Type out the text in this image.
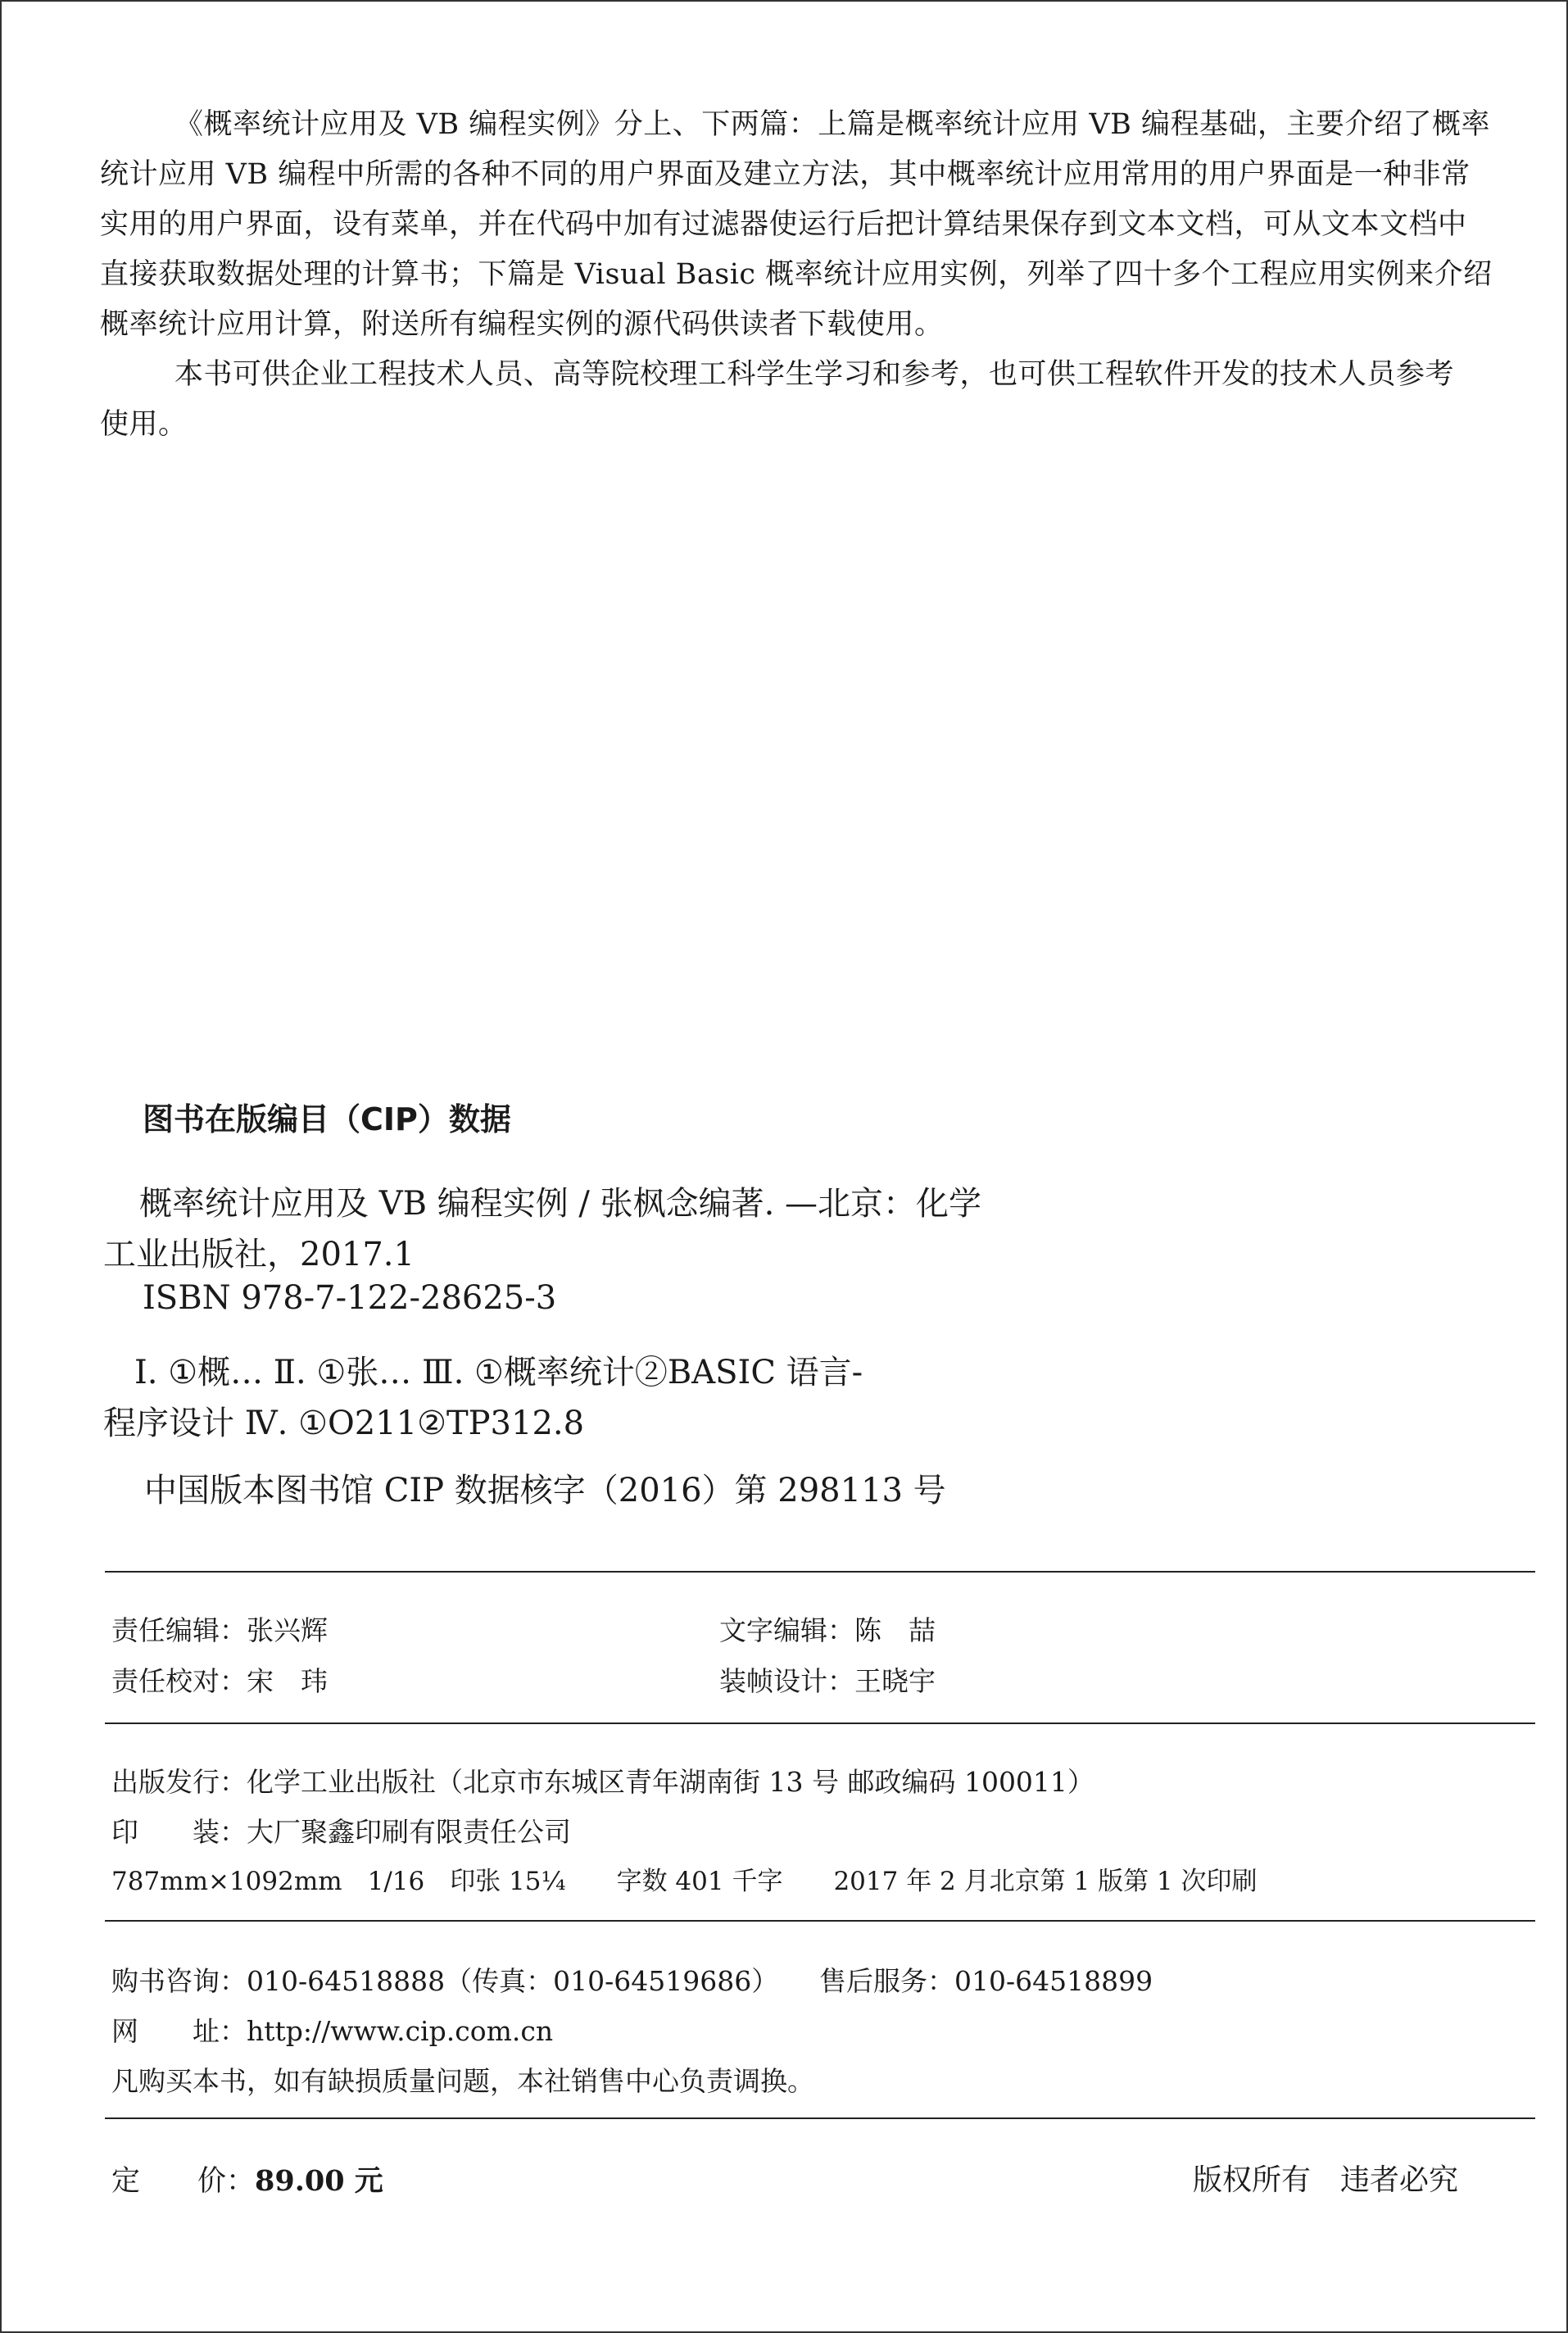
《概率统计应用及 VB 编程实例》分上、下两篇：上篇是概率统计应用 VB 编程基础，主要介绍了概率
统计应用 VB 编程中所需的各种不同的用户界面及建立方法，其中概率统计应用常用的用户界面是一种非常
实用的用户界面，设有菜单，并在代码中加有过滤器使运行后把计算结果保存到文本文档，可从文本文档中
直接获取数据处理的计算书；下篇是 Visual Basic 概率统计应用实例，列举了四十多个工程应用实例来介绍
概率统计应用计算，附送所有编程实例的源代码供读者下载使用。
本书可供企业工程技术人员、高等院校理工科学生学习和参考，也可供工程软件开发的技术人员参考
使用。
图书在版编目（CIP）数据
概率统计应用及 VB 编程实例 / 张枫念编著. —北京：化学
工业出版社，2017.1
ISBN 978-7-122-28625-3
Ⅰ. ①概… Ⅱ. ①张… Ⅲ. ①概率统计②BASIC 语言-
程序设计 Ⅳ. ①O211②TP312.8
中国版本图书馆 CIP 数据核字（2016）第 298113 号
责任编辑：张兴辉	文字编辑：陈　喆
责任校对：宋　玮	装帧设计：王晓宇
出版发行：化学工业出版社（北京市东城区青年湖南街 13 号 邮政编码 100011）
印　　装：大厂聚鑫印刷有限责任公司
787mm×1092mm　1/16　印张 15¼　　字数 401 千字　　2017 年 2 月北京第 1 版第 1 次印刷
购书咨询：010-64518888（传真：010-64519686） 售后服务：010-64518899
网　　址：http://www.cip.com.cn
凡购买本书，如有缺损质量问题，本社销售中心负责调换。
定　　价：89.00 元	版权所有　违者必究
